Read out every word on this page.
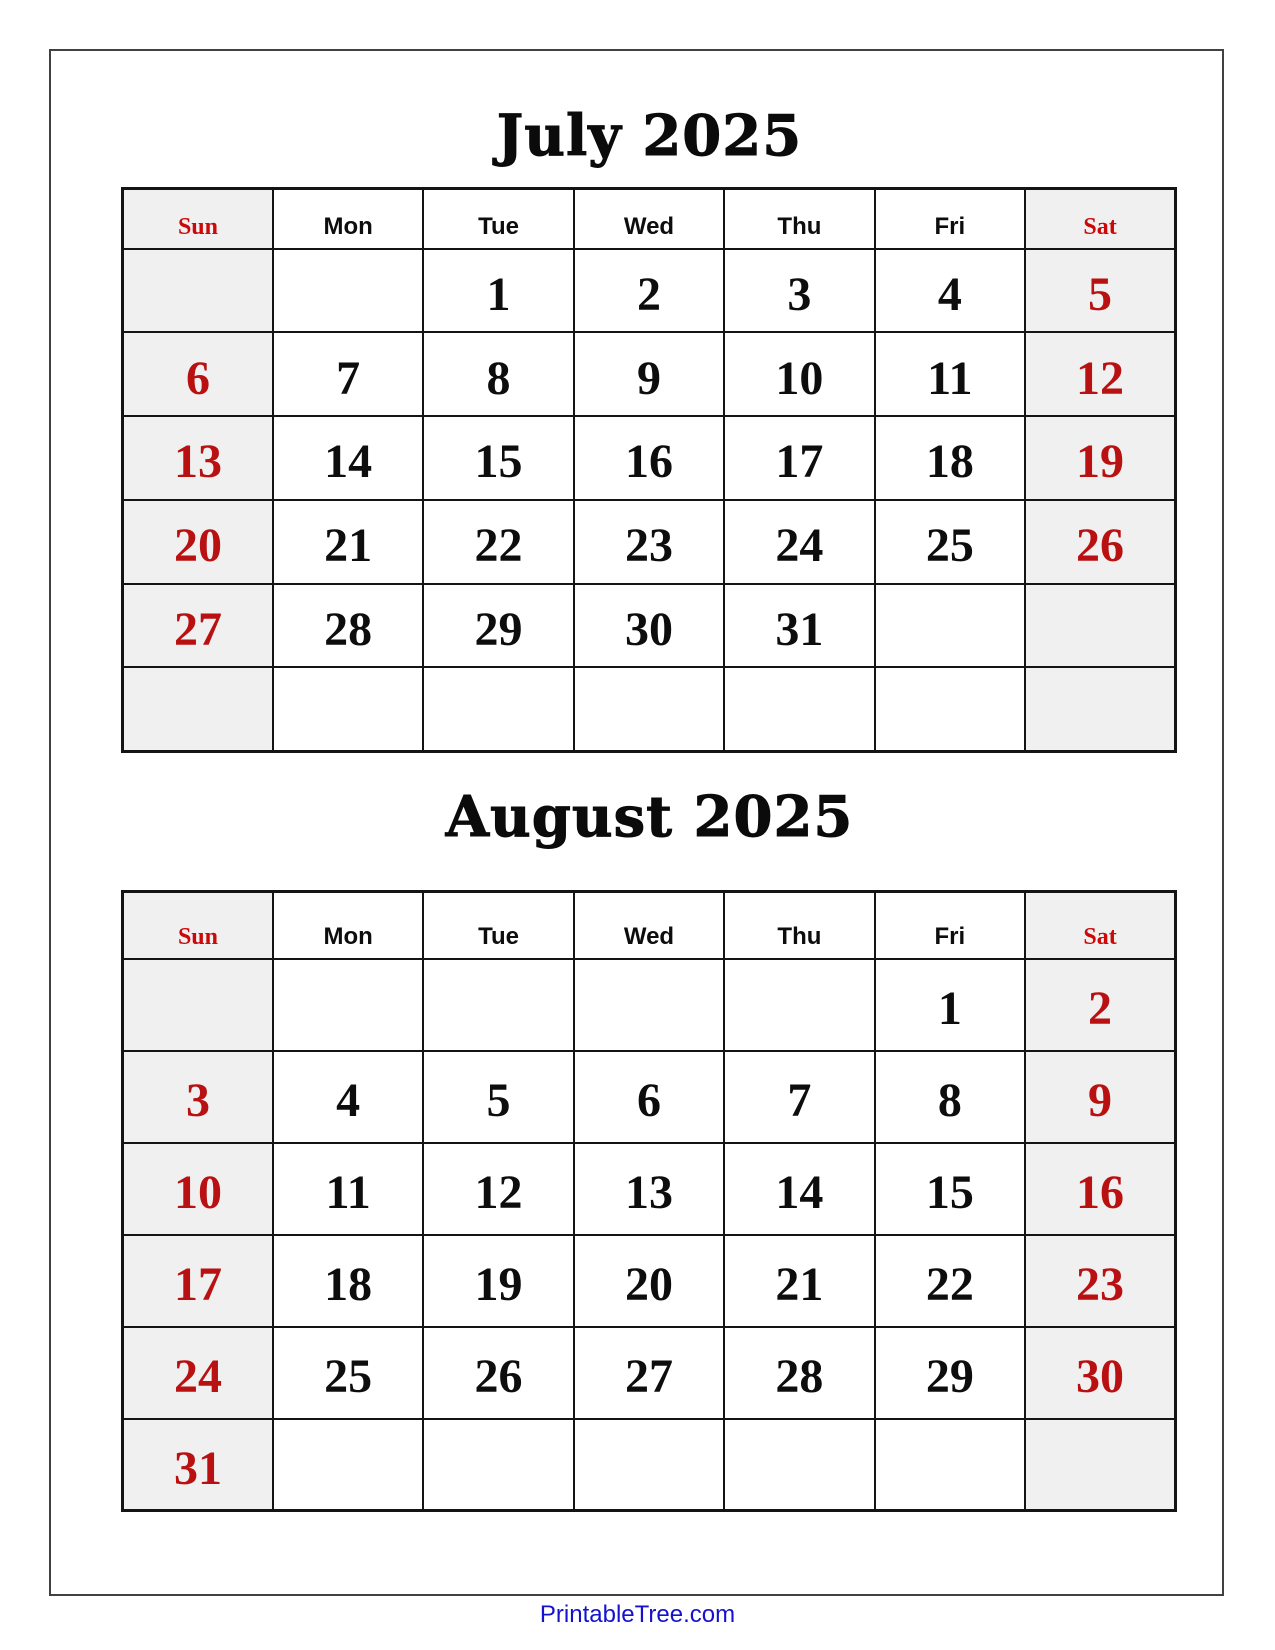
July 2025
Sun	Mon	Tue	Wed	Thu	Fri	Sat
		1	2	3	4	5
6	7	8	9	10	11	12
13	14	15	16	17	18	19
20	21	22	23	24	25	26
27	28	29	30	31		

August 2025
Sun	Mon	Tue	Wed	Thu	Fri	Sat
					1	2
3	4	5	6	7	8	9
10	11	12	13	14	15	16
17	18	19	20	21	22	23
24	25	26	27	28	29	30
31						
PrintableTree.com
